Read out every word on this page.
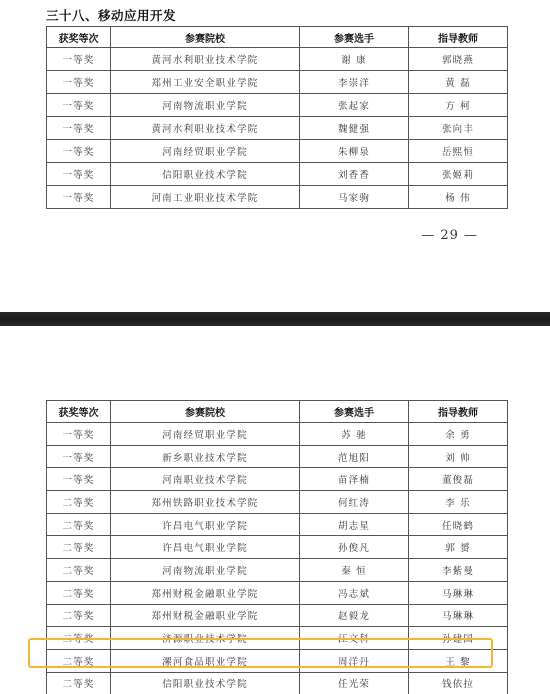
三十八、移动应用开发
获奖等次	参赛院校	参赛选手	指导教师
一等奖	黄河水利职业技术学院	谢 康	郭晓燕
一等奖	郑州工业安全职业学院	李崇洋	黄 磊
一等奖	河南物流职业学院	张起家	方 柯
一等奖	黄河水利职业技术学院	魏健强	张向丰
一等奖	河南经贸职业学院	朱柳泉	岳熙恒
一等奖	信阳职业技术学院	刘香香	张姬莉
一等奖	河南工业职业技术学院	马家驹	杨 伟
— 29 —
获奖等次	参赛院校	参赛选手	指导教师
一等奖	河南经贸职业学院	苏 驰	余 勇
一等奖	新乡职业技术学院	范旭阳	刘 帅
一等奖	河南职业技术学院	苗泽楠	董俊磊
二等奖	郑州铁路职业技术学院	何红涛	李 乐
二等奖	许昌电气职业学院	胡志星	任晓鹤
二等奖	许昌电气职业学院	孙俊凡	郭 赟
二等奖	河南物流职业学院	秦 恒	李紫曼
二等奖	郑州财税金融职业学院	冯志斌	马琳琳
二等奖	郑州财税金融职业学院	赵毅龙	马琳琳
二等奖	济源职业技术学院	江文科	孙建国
二等奖	漯河食品职业学院	周洋丹	王 黎
二等奖	信阳职业技术学院	任光荣	钱依拉
